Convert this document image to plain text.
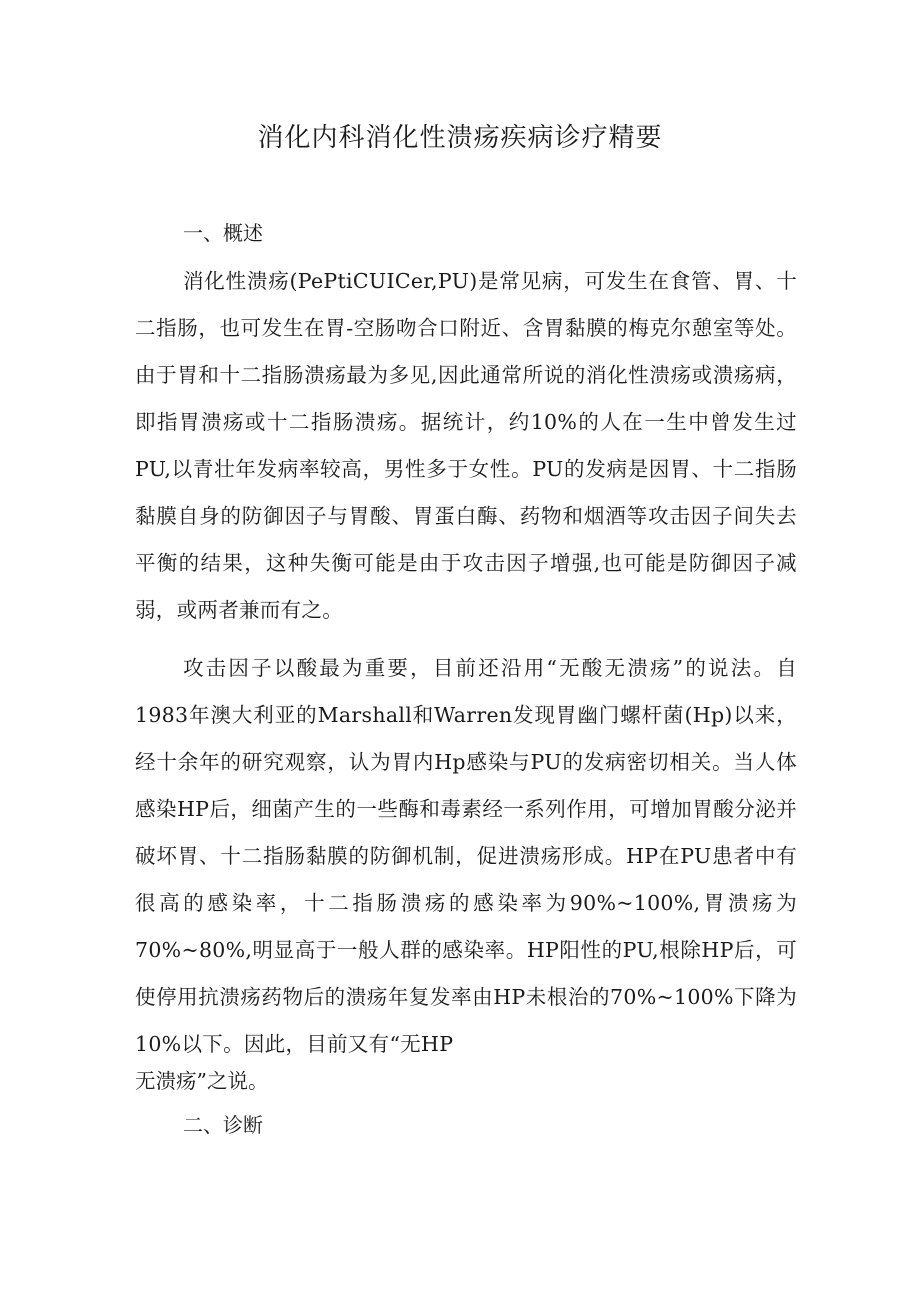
消化内科消化性溃疡疾病诊疗精要
一、概述

消化性溃疡(PePtiCUICer,PU)是常见病，可发生在食管、胃、十二指肠，也可发生在胃-空肠吻合口附近、含胃黏膜的梅克尔憩室等处。由于胃和十二指肠溃疡最为多见,因此通常所说的消化性溃疡或溃疡病，即指胃溃疡或十二指肠溃疡。据统计，约10%的人在一生中曾发生过PU,以青壮年发病率较高，男性多于女性。PU的发病是因胃、十二指肠黏膜自身的防御因子与胃酸、胃蛋白酶、药物和烟酒等攻击因子间失去平衡的结果，这种失衡可能是由于攻击因子增强,也可能是防御因子减弱，或两者兼而有之。

攻击因子以酸最为重要，目前还沿用“无酸无溃疡”的说法。自1983年澳大利亚的Marshall和Warren发现胃幽门螺杆菌(Hp)以来，经十余年的研究观察，认为胃内Hp感染与PU的发病密切相关。当人体感染HP后，细菌产生的一些酶和毒素经一系列作用，可增加胃酸分泌并破坏胃、十二指肠黏膜的防御机制，促进溃疡形成。HP在PU患者中有很高的感染率，十二指肠溃疡的感染率为90%~100%,胃溃疡为70%~80%,明显高于一般人群的感染率。HP阳性的PU,根除HP后，可使停用抗溃疡药物后的溃疡年复发率由HP未根治的70%~100%下降为10%以下。因此，目前又有“无HP

无溃疡”之说。

二、诊断
